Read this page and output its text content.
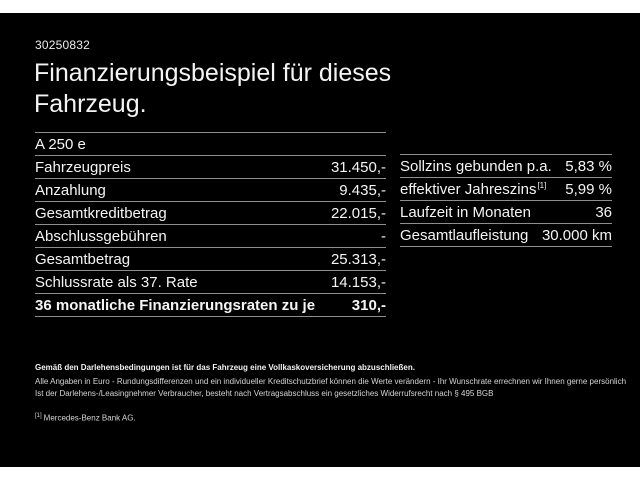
30250832
Finanzierungsbeispiel für dieses
Fahrzeug.
A 250 e
Fahrzeugpreis	31.450,-
Anzahlung	9.435,-
Gesamtkreditbetrag	22.015,-
Abschlussgebühren	-
Gesamtbetrag	25.313,-
Schlussrate als 37. Rate	14.153,-
36 monatliche Finanzierungsraten zu je 310,-
Sollzins gebunden p.a. 5,83 %
effektiver Jahreszins[1] 5,99 %
Laufzeit in Monaten	36
Gesamtlaufleistung 30.000 km
Gemäß den Darlehensbedingungen ist für das Fahrzeug eine Vollkaskoversicherung abzuschließen.
Alle Angaben in Euro - Rundungsdifferenzen und ein individueller Kreditschutzbrief können die Werte verändern - Ihr Wunschrate errechnen wir Ihnen gerne persönlich
Ist der Darlehens-/Leasingnehmer Verbraucher, besteht nach Vertragsabschluss ein gesetzliches Widerrufsrecht nach § 495 BGB
[1] Mercedes-Benz Bank AG.
